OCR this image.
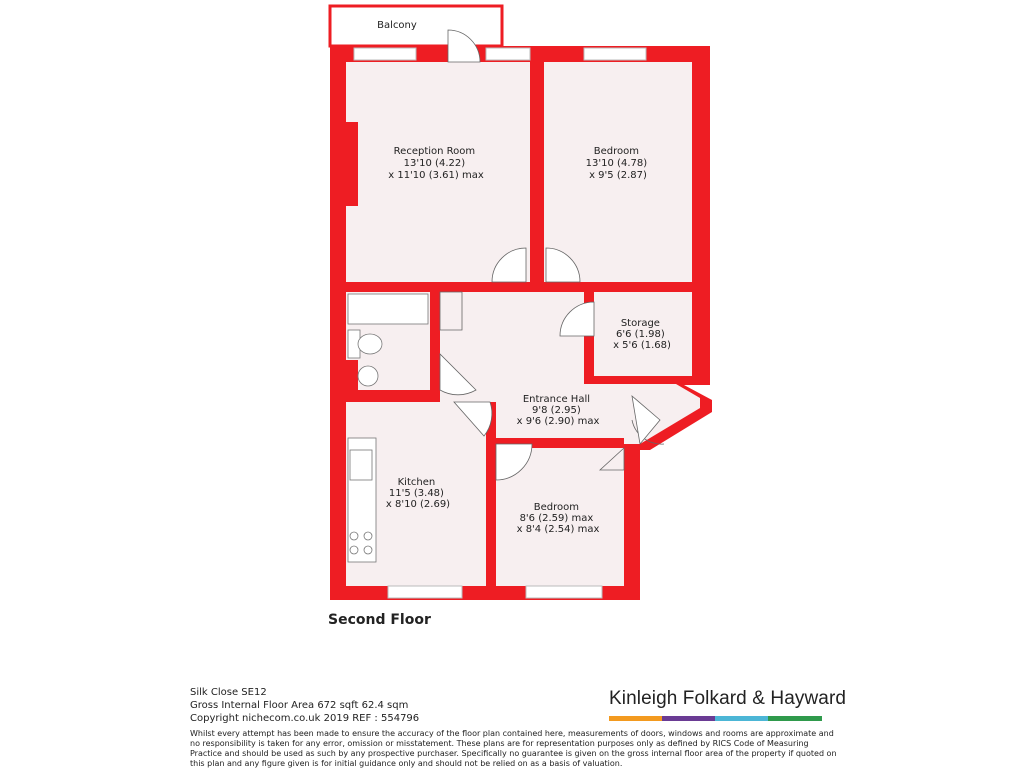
Balcony
Reception Room 13'10 (4.22) x 11'10 (3.61) max
Bedroom 13'10 (4.78) x 9'5 (2.87)
Storage 6'6 (1.98) x 5'6 (1.68)
Entrance Hall 9'8 (2.95) x 9'6 (2.90) max
Kitchen 11'5 (3.48) x 8'10 (2.69)	Bedroom 8'6 (2.59) max x 8'4 (2.54) max
Second Floor
Silk Close SE12
Gross Internal Floor Area 672 sqft 62.4 sqm
Copyright nichecom.co.uk 2019 REF : 554796
Whilst every attempt has been made to ensure the accuracy of the floor plan contained here, measurements of doors, windows and rooms are approximate and no responsibility is taken for any error, omission or misstatement. These plans are for representation purposes only as defined by RICS Code of Measuring Practice and should be used as such by any prospective purchaser. Specifically no guarantee is given on the gross internal floor area of the property if quoted on this plan and any figure given is for initial guidance only and should not be relied on as a basis of valuation.
Kinleigh Folkard & Hayward
